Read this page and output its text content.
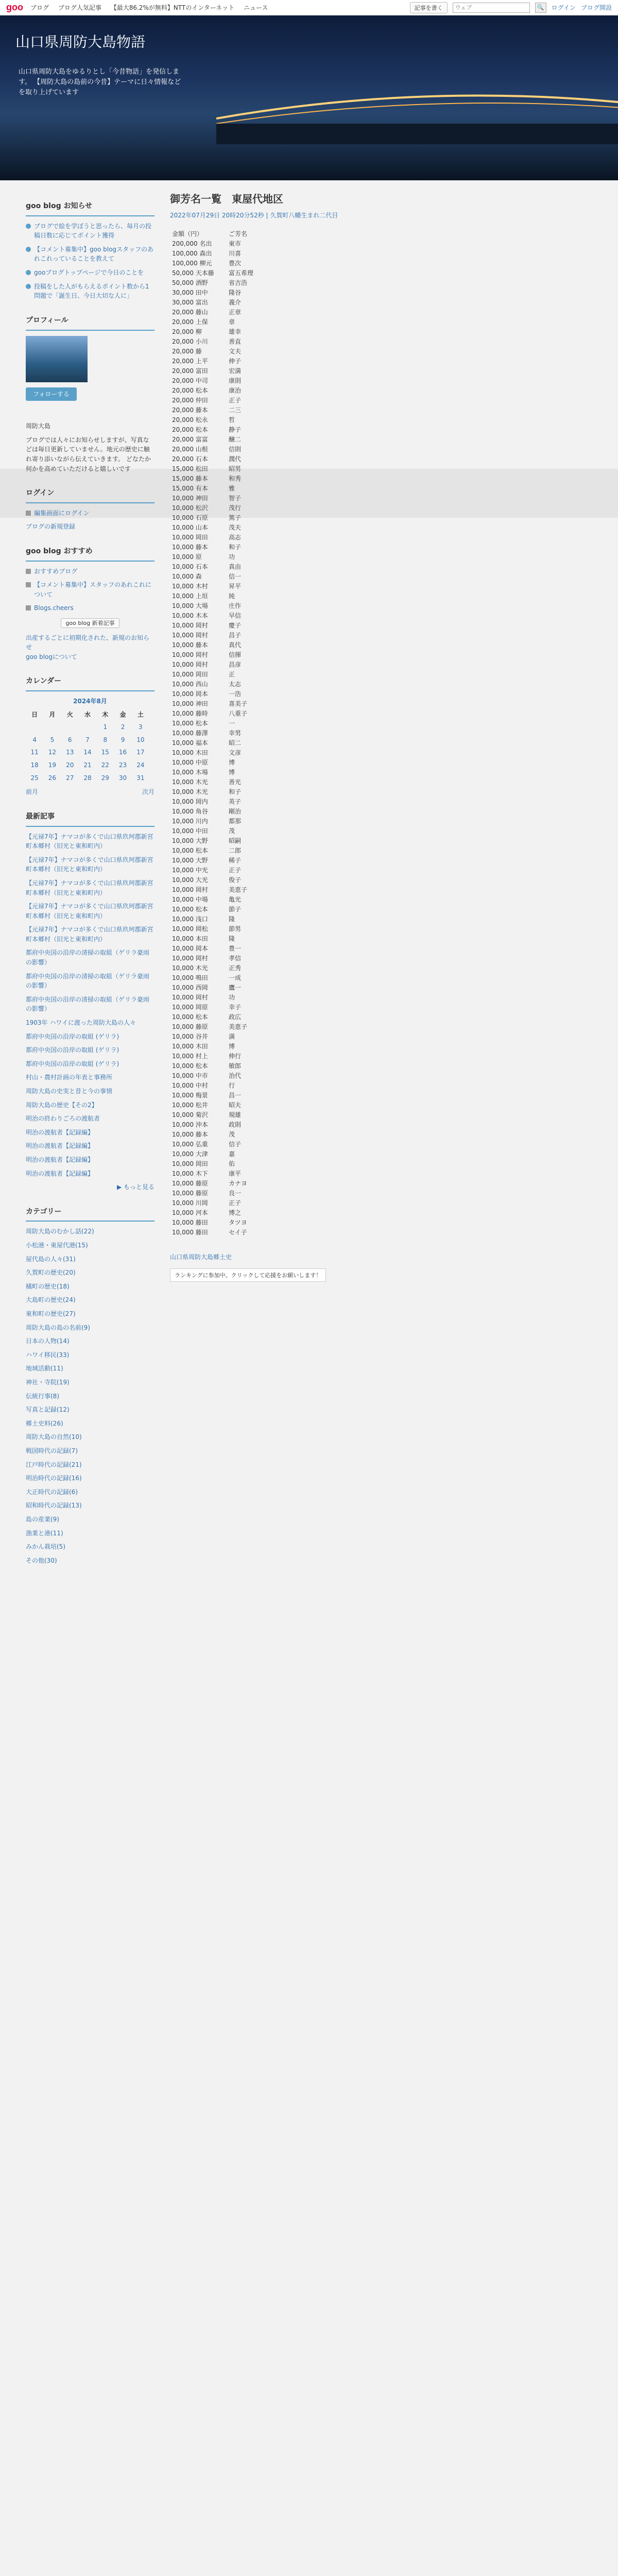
goo ブログ ブログ人気記事 【最大86.2%が無料】NTTのインターネット ニュース	記事を書く
ウェブ	🔍	ログイン ブログ開設
山口県周防大島物語
山口県周防大島をゆるりとし「今昔物語」を発信します。 【周防大島の島前の今昔】テーマに日々情報などを取り上げています
goo blog お知らせ
ブログで絵を学ぼうと思ったら、毎月の投稿日数に応じてポイント獲得
【コメント募集中】goo blogスタッフのあれこれっていることを教えて
gooブログトップページで今日のことを
投稿をした人がもらえるポイント数から1問題で「誕生日、今日大切な人に」
プロフィール
フォローする
周防大島
ブログでは人々にお知らせしますが、写真などは毎日更新していません。地元の歴史に触れ寄り添いながら伝えていきます。 どなたか何かを高めていただけると嬉しいです
ログイン
編集画面にログイン
ブログの新規登録
goo blog おすすめ
おすすめブログ
【コメント募集中】スタッフのあれこれについて
Blogs.cheers
goo blog 新着記事
出産するごとに初期化された、新規のお知らせ
goo blogについて
カレンダー
2024年8月
日	月	火	水	木	金	土
				1	2	3
4	5	6	7	8	9	10
11	12	13	14	15	16	17
18	19	20	21	22	23	24
25	26	27	28	29	30	31
前月	次月
最新記事
【元禄7年】ナマコが多くで山口県玖珂郡新宮町本郷村（旧光と東和町内）
【元禄7年】ナマコが多くで山口県玖珂郡新宮町本郷村（旧光と東和町内）
【元禄7年】ナマコが多くで山口県玖珂郡新宮町本郷村（旧光と東和町内）
【元禄7年】ナマコが多くで山口県玖珂郡新宮町本郷村（旧光と東和町内）
【元禄7年】ナマコが多くで山口県玖珂郡新宮町本郷村（旧光と東和町内）
都府中央国の沿岸の清掃の取組（ゲリラ豪雨の影響）
都府中央国の沿岸の清掃の取組（ゲリラ豪雨の影響）
都府中央国の沿岸の清掃の取組（ゲリラ豪雨の影響）
1903年 ハワイに渡った周防大島の人々
都府中央国の沿岸の取組 (ゲリラ)
都府中央国の沿岸の取組 (ゲリラ)
都府中央国の沿岸の取組 (ゲリラ)
村山・農村計画の年表と事務所
周防大島の史実と昔と今の事情
周防大島の歴史【その2】
明治の終わりごろの渡航者
明治の渡航者【記録編】
明治の渡航者【記録編】
明治の渡航者【記録編】
明治の渡航者【記録編】
▶ もっと見る
カテゴリー
周防大島のむかし話(22)
小松港・東屋代港(15)
屋代島の人々(31)
久賀町の歴史(20)
橘町の歴史(18)
大島町の歴史(24)
東和町の歴史(27)
周防大島の島の名前(9)
日本の人物(14)
ハワイ移民(33)
地域活動(11)
神社・寺院(19)
伝統行事(8)
写真と記録(12)
郷土史料(26)
周防大島の自然(10)
戦国時代の記録(7)
江戸時代の記録(21)
明治時代の記録(16)
大正時代の記録(6)
昭和時代の記録(13)
島の産業(9)
漁業と港(11)
みかん栽培(5)
その他(30)
御芳名一覧　東屋代地区
2022年07月29日 20時20分52秒 | 久賀町八幡生まれ二代目
金額（円）	ご芳名
200,000 名出	東市
100,000 森出	川喜
100,000 柳元	豊次
50,000 天本藤	富五希理
50,000 酒野	省吉浩
30,000 田中	隆谷
30,000 富出	義介
20,000 藤山	正章
20,000 上保	章
20,000 柳	雄幸
20,000 小川	善直
20,000 藤	文夫
20,000 上平	伸子
20,000 富田	宏満
20,000 中司	康則
20,000 松本	康治
20,000 仲田	正子
20,000 藤本	二三
20,000 松永	哲
20,000 松本	静子
20,000 富富	醸二
20,000 山根	信則
20,000 石本	潤代
15,000 松田	昭男
15,000 藤本	和秀
15,000 有本	雅
10,000 神田	智子
10,000 松沢	茂行
10,000 石原	篤子
10,000 山本	茂夫
10,000 岡田	高志
10,000 藤本	和子
10,000 原	功
10,000 石本	真由
10,000 森	信一
10,000 木村	昇平
10,000 上垣	純
10,000 大場	庄作
10,000 木本	早信
10,000 岡村	慶子
10,000 岡村	昌子
10,000 藤本	真代
10,000 岡村	信揮
10,000 岡村	昌彦
10,000 岡田	正
10,000 西山	太志
10,000 岡本	一浩
10,000 神田	喜美子
10,000 藤時	八重子
10,000 松本	一
10,000 藤澤	幸男
10,000 福本	昭二
10,000 木田	文彦
10,000 中原	博
10,000 木場	博
10,000 木光	善光
10,000 木光	和子
10,000 岡内	英子
10,000 角谷	剛治
10,000 川内	都那
10,000 中田	茂
10,000 大野	昭嗣
10,000 松本	二郎
10,000 大野	稀子
10,000 中光	正子
10,000 大光	俊子
10,000 岡村	美恵子
10,000 中場	亀光
10,000 松本	節子
10,000 浅口	隆
10,000 岡松	節男
10,000 本田	隆
10,000 岡本	豊一
10,000 岡村	孝信
10,000 木光	正秀
10,000 鳴田	一成
10,000 西岡	鷹一
10,000 岡村	功
10,000 岡原	幸子
10,000 松本	政広
10,000 藤原	美恵子
10,000 谷井	満
10,000 木田	博
10,000 村上	伸行
10,000 松本	敏郎
10,000 中市	治代
10,000 中村	行
10,000 梅景	昌一
10,000 松井	昭夫
10,000 菊沢	規雄
10,000 沖本	政則
10,000 藤本	茂
10,000 弘重	信子
10,000 大津	嘉
10,000 岡田	佑
10,000 木下	康平
10,000 藤原	カナヨ
10,000 藤原	良一
10,000 川岡	正子
10,000 河本	博之
10,000 藤田	タツヨ
10,000 藤田	セイ子
山口県周防大島郷土史
ランキングに参加中。クリックして応援をお願いします！
